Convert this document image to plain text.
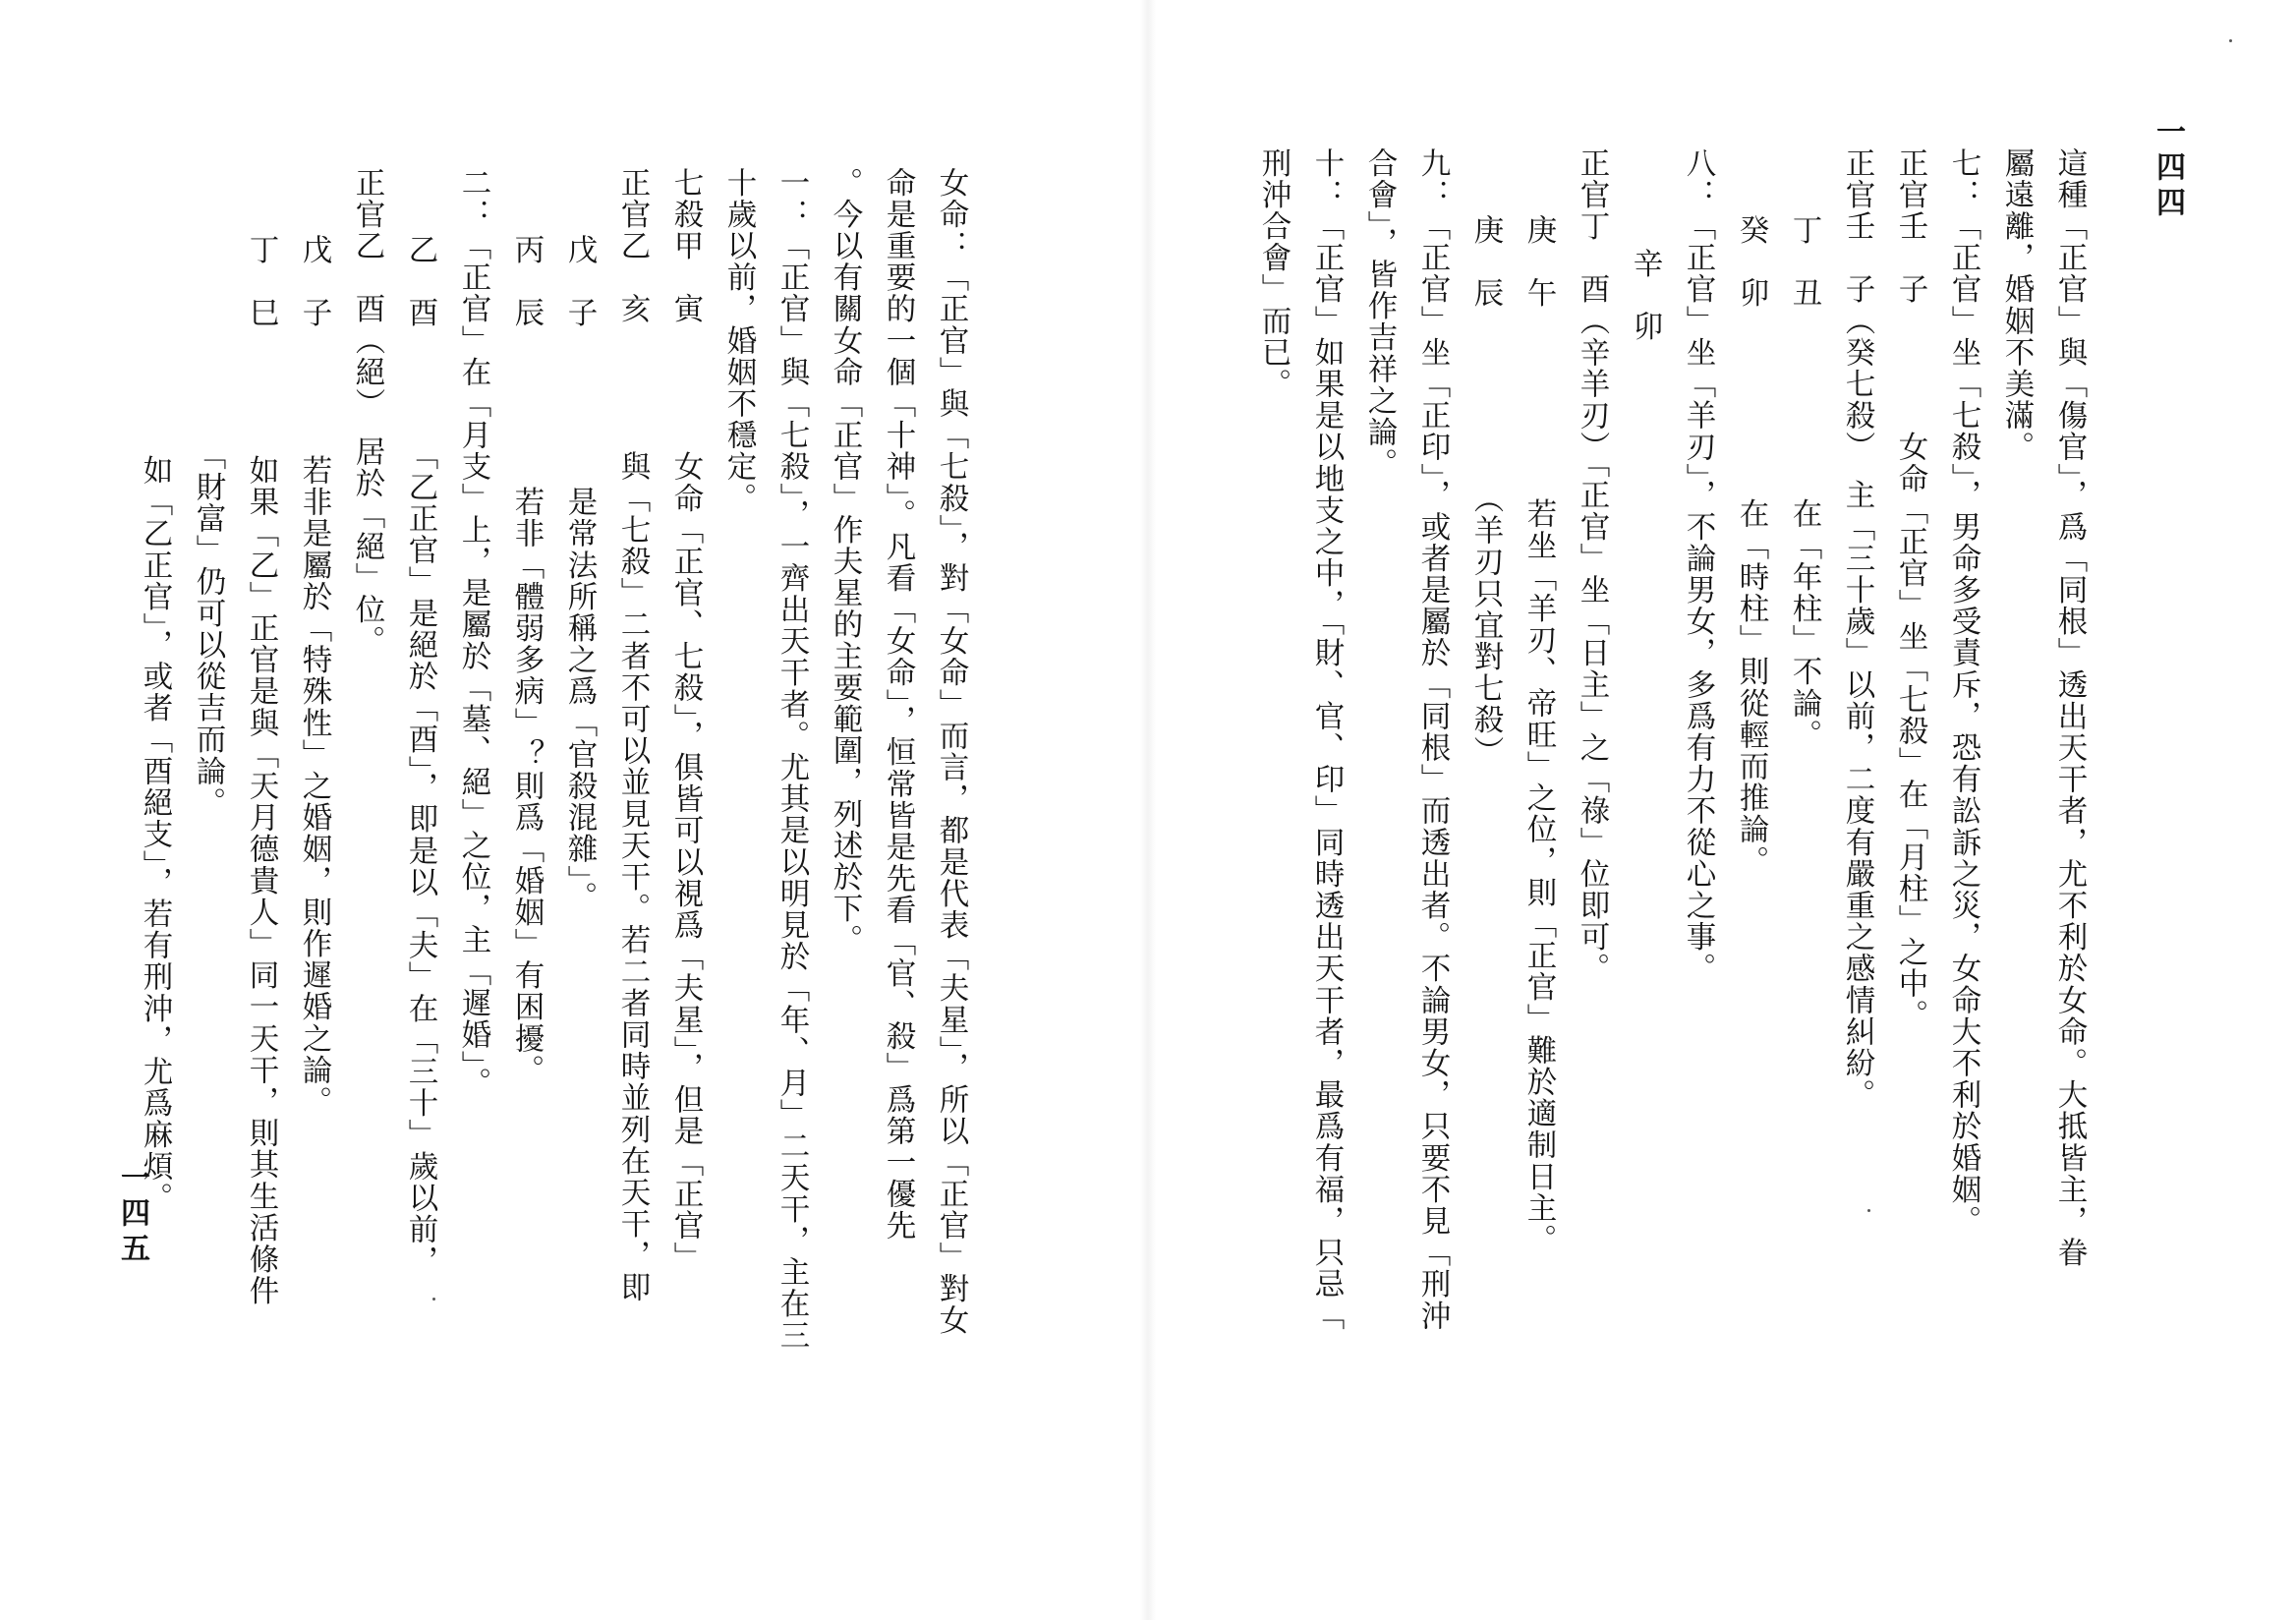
一四四
這種「正官」與「傷官」，爲「同根」透出天干者，尤不利於女命。大抵皆主，眷
屬遠離，婚姻不美滿。
七：「正官」坐「七殺」，男命多受責斥，恐有訟訴之災，女命大不利於婚姻。
正官壬　子　　　　女命「正官」坐「七殺」在「月柱」之中。
正官壬　子（癸七殺）　主「三十歲」以前，二度有嚴重之感情糾紛。
丁　丑　　　　　　在「年柱」不論。
癸　卯　　　　　　在「時柱」則從輕而推論。
八：「正官」坐「羊刃」，不論男女，多爲有力不從心之事。
辛　卯
正官丁　酉（辛羊刃）「正官」坐「日主」之「祿」位即可。
庚　午　　　　　　若坐「羊刃、帝旺」之位，則「正官」難於適制日主。
庚　辰　　　　　　（羊刃只宜對七殺）
九：「正官」坐「正印」，或者是屬於「同根」而透出者。不論男女，只要不見「刑沖
合會」，皆作吉祥之論。
十：「正官」如果是以地支之中，「財、官、印」同時透出天干者，最爲有福，只忌「
刑沖合會」而已。
一四五	女命：「正官」與「七殺」，對「女命」而言，都是代表「夫星」，所以「正官」對女
命是重要的一個「十神」。凡看「女命」，恒常皆是先看「官、殺」爲第一優先
。今以有關女命「正官」作夫星的主要範圍，列述於下。
一：「正官」與「七殺」，一齊出天干者。尤其是以明見於「年、月」二天干，主在三
十歲以前，婚姻不穩定。
七殺甲　寅　　　　女命「正官、七殺」，俱皆可以視爲「夫星」，但是「正官」
正官乙　亥　　　　與「七殺」二者不可以並見天干。若二者同時並列在天干，即
戊　子　　　　　是常法所稱之爲「官殺混雜」。
丙　辰　　　　　若非「體弱多病」？則爲「婚姻」有困擾。
二：「正官」在「月支」上，是屬於「墓、絕」之位，主「遲婚」。
乙　酉　　　　「乙正官」是絕於「酉」，即是以「夫」在「三十」歲以前，
正官乙　酉（絕）　居於「絕」位。
戊　子　　　　若非是屬於「特殊性」之婚姻，則作遲婚之論。
丁　巳　　　　如果「乙」正官是與「天月德貴人」同一天干，則其生活條件
　　　　　　　「財富」仍可以從吉而論。
　　　　　　　如「乙正官」，或者「酉絕支」，若有刑沖，尤爲麻煩。
